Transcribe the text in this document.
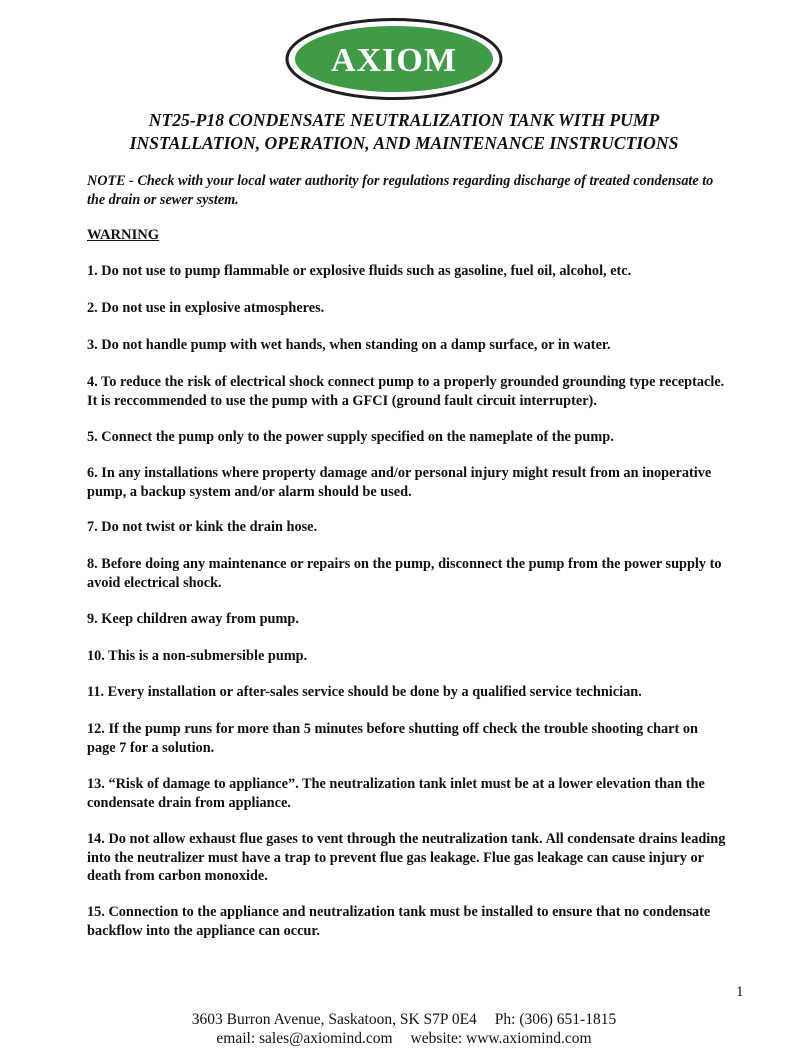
AXIOM
NT25-P18 CONDENSATE NEUTRALIZATION TANK WITH PUMP
INSTALLATION, OPERATION, AND MAINTENANCE INSTRUCTIONS
NOTE - Check with your local water authority for regulations regarding discharge of treated condensate to the drain or sewer system.
WARNING
1. Do not use to pump flammable or explosive fluids such as gasoline, fuel oil, alcohol, etc.
2. Do not use in explosive atmospheres.
3. Do not handle pump with wet hands, when standing on a damp surface, or in water.
4. To reduce the risk of electrical shock connect pump to a properly grounded grounding type receptacle. It is reccommended to use the pump with a GFCI (ground fault circuit interrupter).
5. Connect the pump only to the power supply specified on the nameplate of the pump.
6. In any installations where property damage and/or personal injury might result from an inoperative pump, a backup system and/or alarm should be used.
7. Do not twist or kink the drain hose.
8. Before doing any maintenance or repairs on the pump, disconnect the pump from the power supply to avoid electrical shock.
9. Keep children away from pump.
10. This is a non-submersible pump.
11. Every installation or after-sales service should be done by a qualified service technician.
12. If the pump runs for more than 5 minutes before shutting off check the trouble shooting chart on page 7 for a solution.
13. “Risk of damage to appliance”. The neutralization tank inlet must be at a lower elevation than the condensate drain from appliance.
14. Do not allow exhaust flue gases to vent through the neutralization tank. All condensate drains leading into the neutralizer must have a trap to prevent flue gas leakage. Flue gas leakage can cause injury or death from carbon monoxide.
15. Connection to the appliance and neutralization tank must be installed to ensure that no condensate backflow into the appliance can occur.
1
3603 Burron Avenue, Saskatoon, SK S7P 0E4 Ph: (306) 651-1815
email: sales@axiomind.com website: www.axiomind.com
